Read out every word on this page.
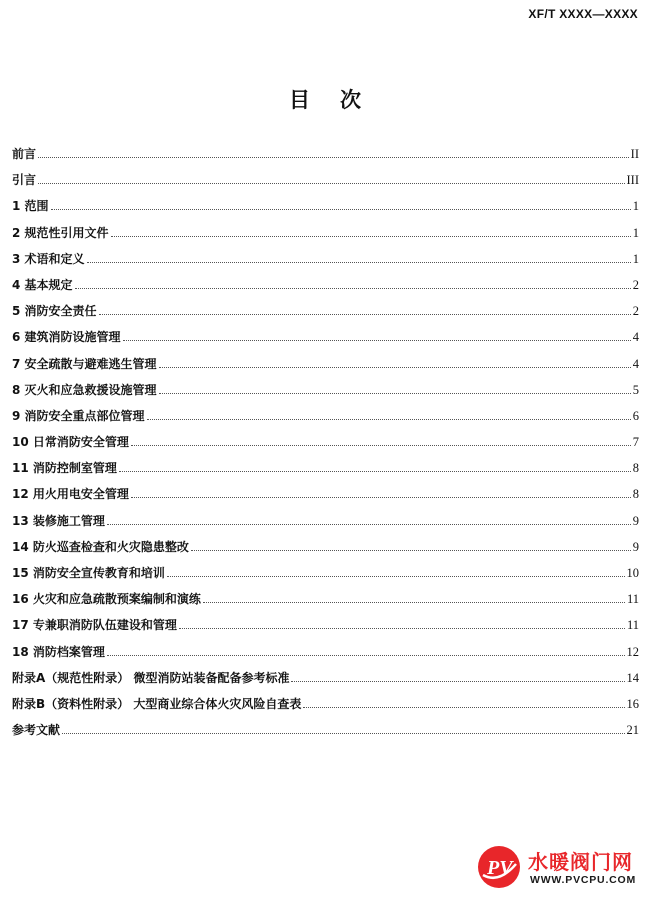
XF/T XXXX—XXXX
目次
前言	II
引言	III
1 范围	1
2 规范性引用文件	1
3 术语和定义	1
4 基本规定	2
5 消防安全责任	2
6 建筑消防设施管理	4
7 安全疏散与避难逃生管理	4
8 灭火和应急救援设施管理	5
9 消防安全重点部位管理	6
10 日常消防安全管理	7
11 消防控制室管理	8
12 用火用电安全管理	8
13 装修施工管理	9
14 防火巡查检查和火灾隐患整改	9
15 消防安全宣传教育和培训	10
16 火灾和应急疏散预案编制和演练	11
17 专兼职消防队伍建设和管理	11
18 消防档案管理	12
附录A（规范性附录） 微型消防站装备配备参考标准	14
附录B（资料性附录） 大型商业综合体火灾风险自查表	16
参考文献	21
PV 水暖阀门网
WWW.PVCPU.COM
